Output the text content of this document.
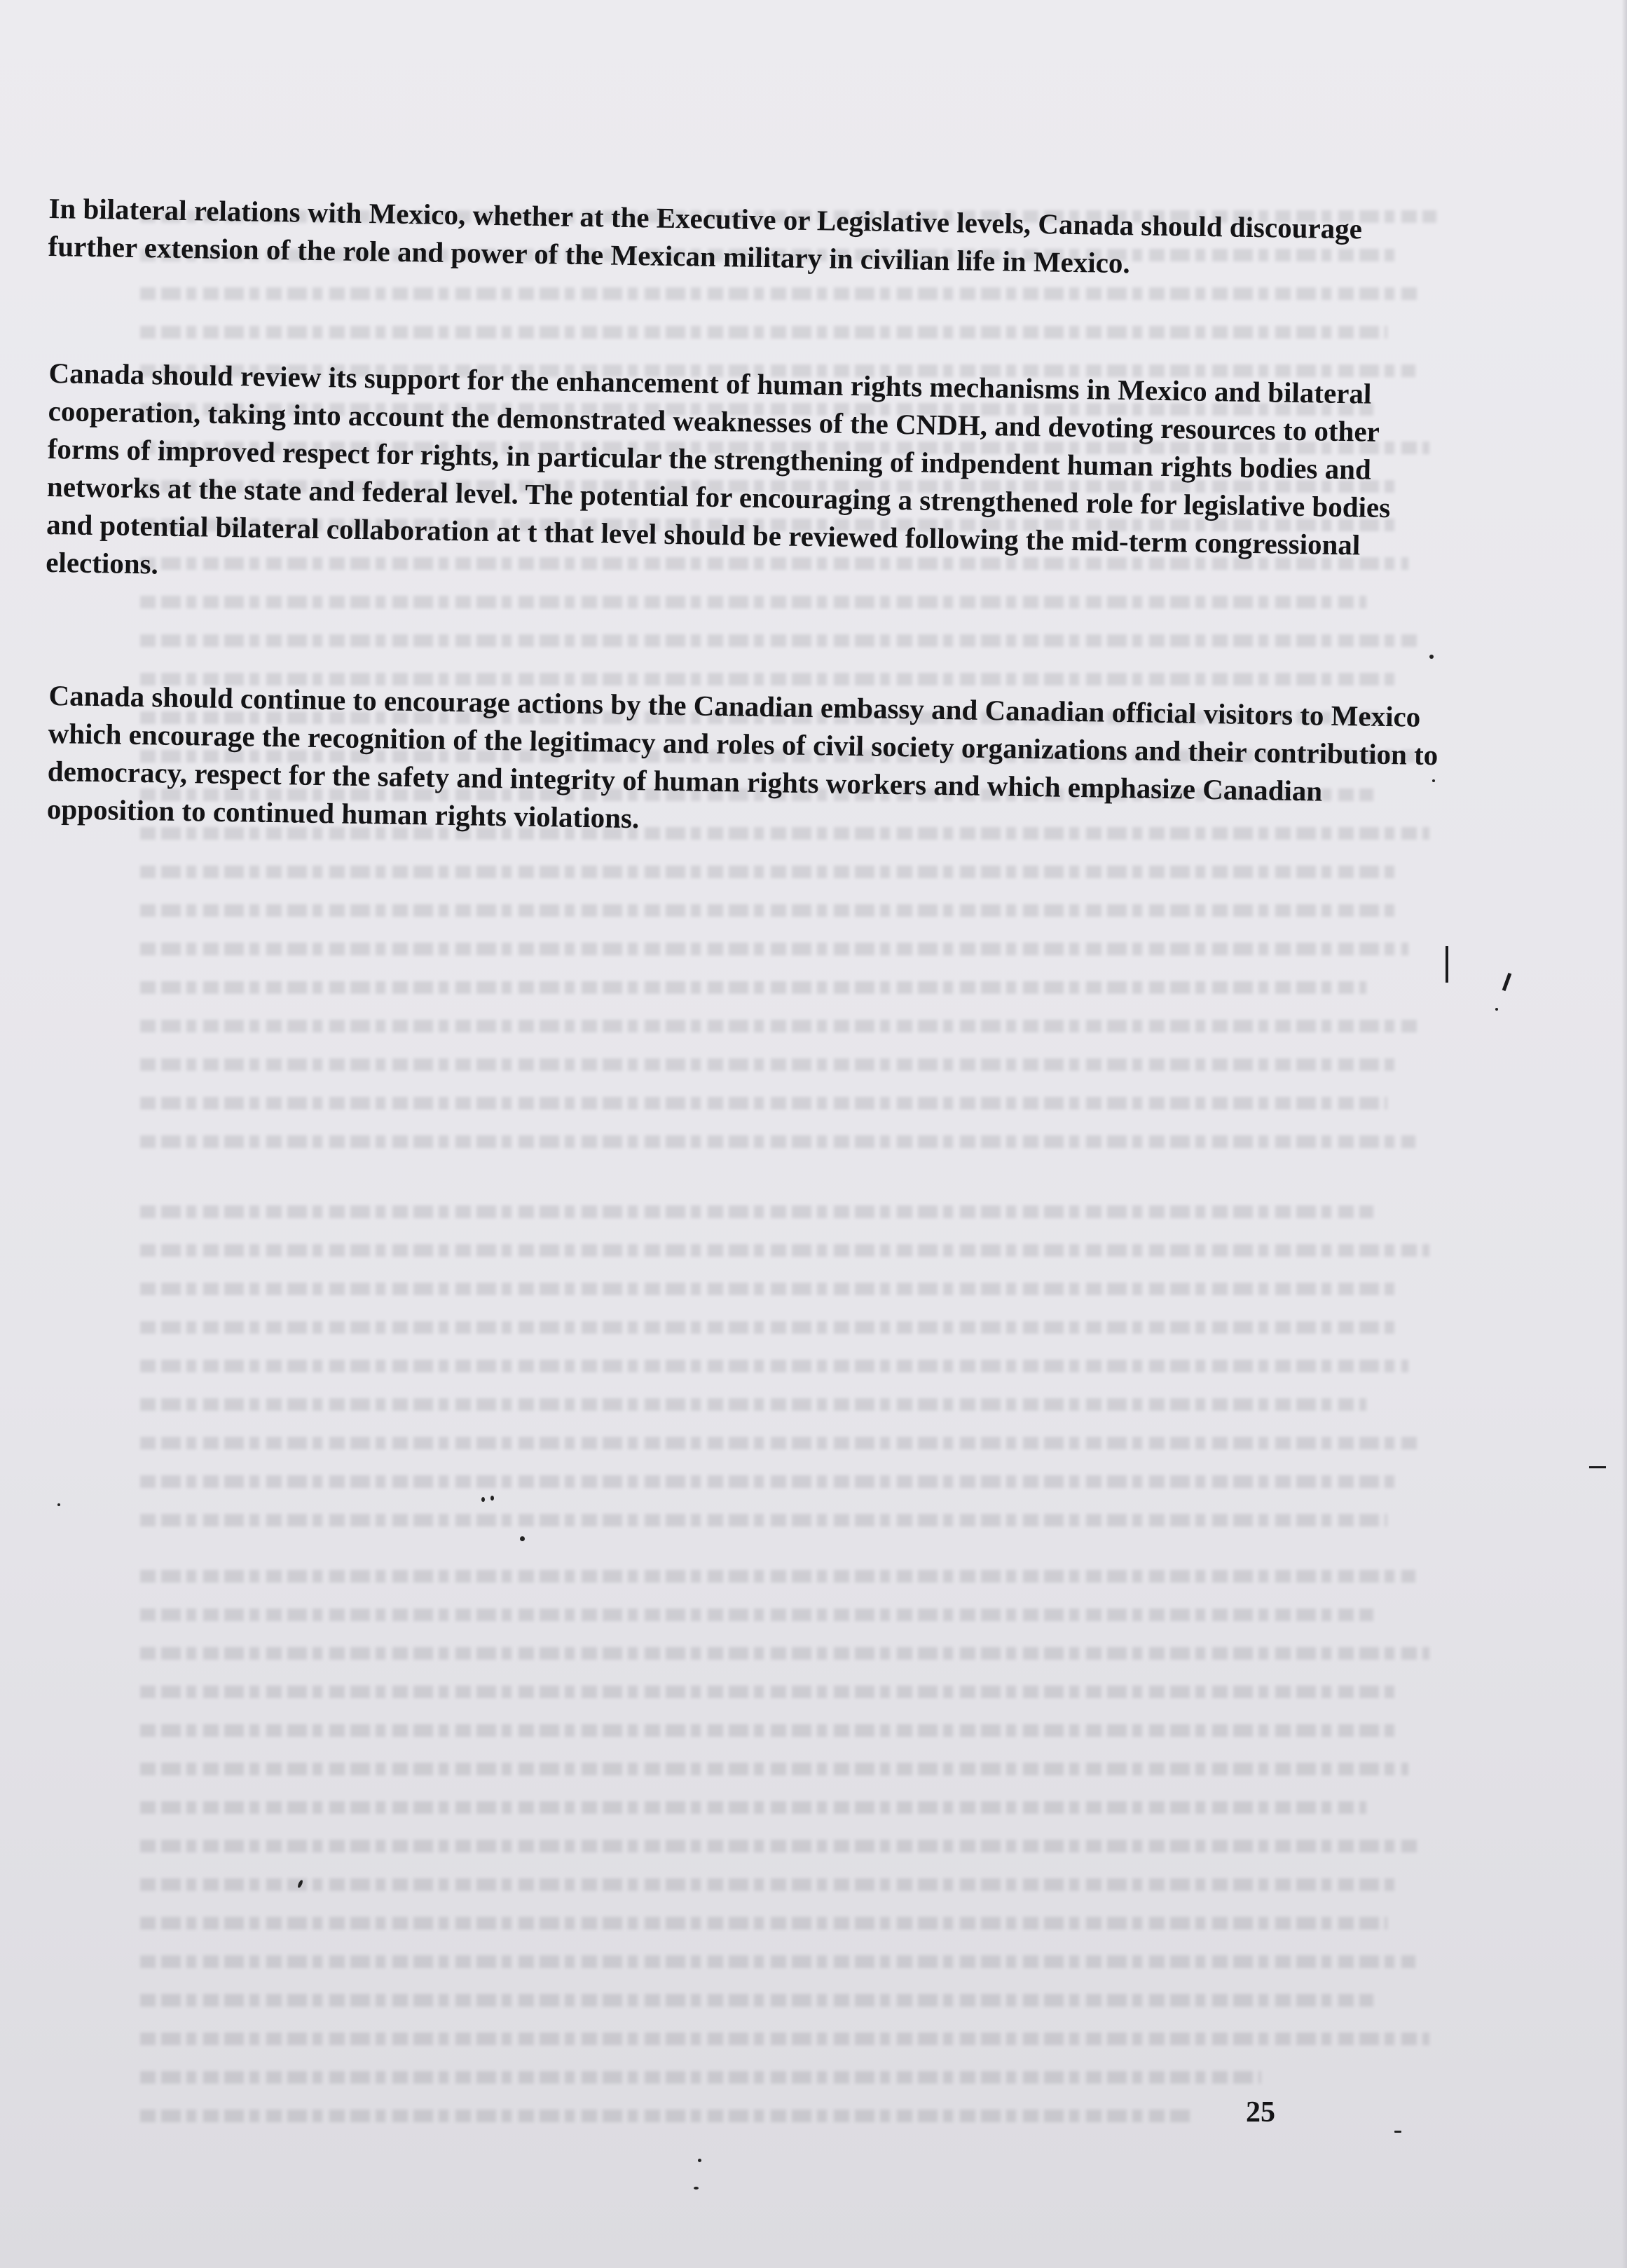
In bilateral relations with Mexico, whether at the Executive or Legislative levels, Canada should discourage further extension of the role and power of the Mexican military in civilian life in Mexico.

Canada should review its support for the enhancement of human rights mechanisms in Mexico and bilateral cooperation, taking into account the demonstrated weaknesses of the CNDH, and devoting resources to other forms of improved respect for rights, in particular the strengthening of indpendent human rights bodies and networks at the state and federal level. The potential for encouraging a strengthened role for legislative bodies and potential bilateral collaboration at t that level should be reviewed following the mid-term congressional elections.

Canada should continue to encourage actions by the Canadian embassy and Canadian official visitors to Mexico which encourage the recognition of the legitimacy and roles of civil society organizations and their contribution to democracy, respect for the safety and integrity of human rights workers and which emphasize Canadian opposition to continued human rights violations.

25
